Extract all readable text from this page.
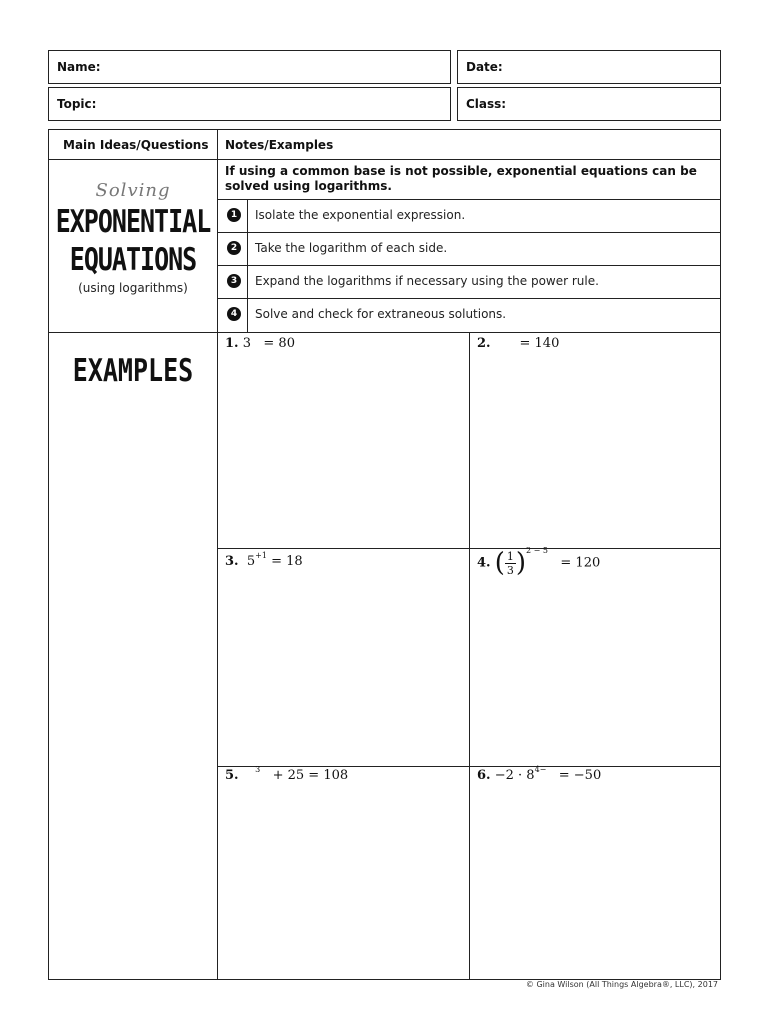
Name:	Date:
Topic:	Class:
Main Ideas/Questions Notes/Examples
Solving
EXPONENTIAL
EQUATIONS
(using logarithms)
If using a common base is not possible, exponential equations can be solved using logarithms.
1	Isolate the exponential expression.
2	Take the logarithm of each side.
3	Expand the logarithms if necessary using the power rule.
4	Solve and check for extraneous solutions.
EXAMPLES
1. 3 = 80	2. = 140
3. $5^{+1} = 18$	4. ( $\frac{1}{3})^{2 - 5} = 120$
5. $^3$ + 25 = 108	6. $-2 \cdot 8^{4-} = -50$
© Gina Wilson (All Things Algebra®, LLC), 2017
